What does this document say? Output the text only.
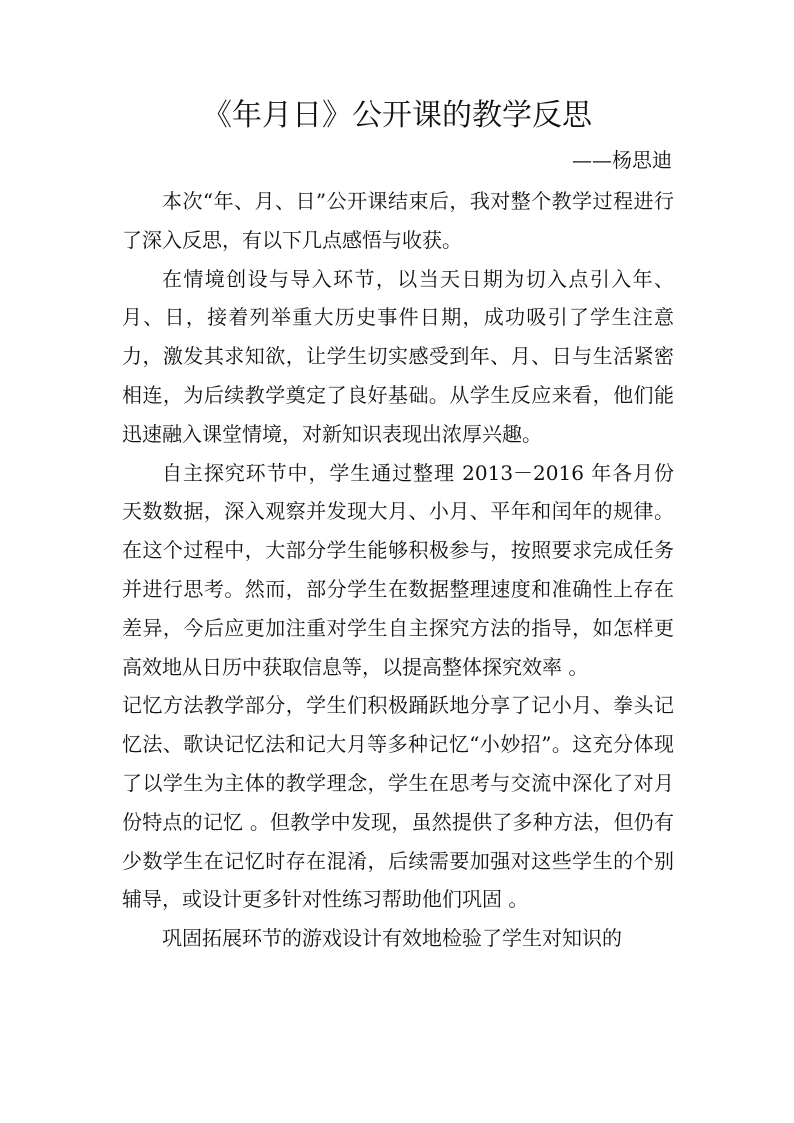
《年月日》公开课的教学反思
——杨思迪

本次“年、月、日”公开课结束后，我对整个教学过程进行了深入反思，有以下几点感悟与收获。

在情境创设与导入环节，以当天日期为切入点引入年、月、日，接着列举重大历史事件日期，成功吸引了学生注意力，激发其求知欲，让学生切实感受到年、月、日与生活紧密相连，为后续教学奠定了良好基础。从学生反应来看，他们能迅速融入课堂情境，对新知识表现出浓厚兴趣。

自主探究环节中，学生通过整理 2013－2016 年各月份天数数据，深入观察并发现大月、小月、平年和闰年的规律。在这个过程中，大部分学生能够积极参与，按照要求完成任务并进行思考。然而，部分学生在数据整理速度和准确性上存在差异，今后应更加注重对学生自主探究方法的指导，如怎样更高效地从日历中获取信息等，以提高整体探究效率 。

记忆方法教学部分，学生们积极踊跃地分享了记小月、拳头记忆法、歌诀记忆法和记大月等多种记忆“小妙招”。这充分体现了以学生为主体的教学理念，学生在思考与交流中深化了对月份特点的记忆 。但教学中发现，虽然提供了多种方法，但仍有少数学生在记忆时存在混淆，后续需要加强对这些学生的个别辅导，或设计更多针对性练习帮助他们巩固 。

巩固拓展环节的游戏设计有效地检验了学生对知识的
